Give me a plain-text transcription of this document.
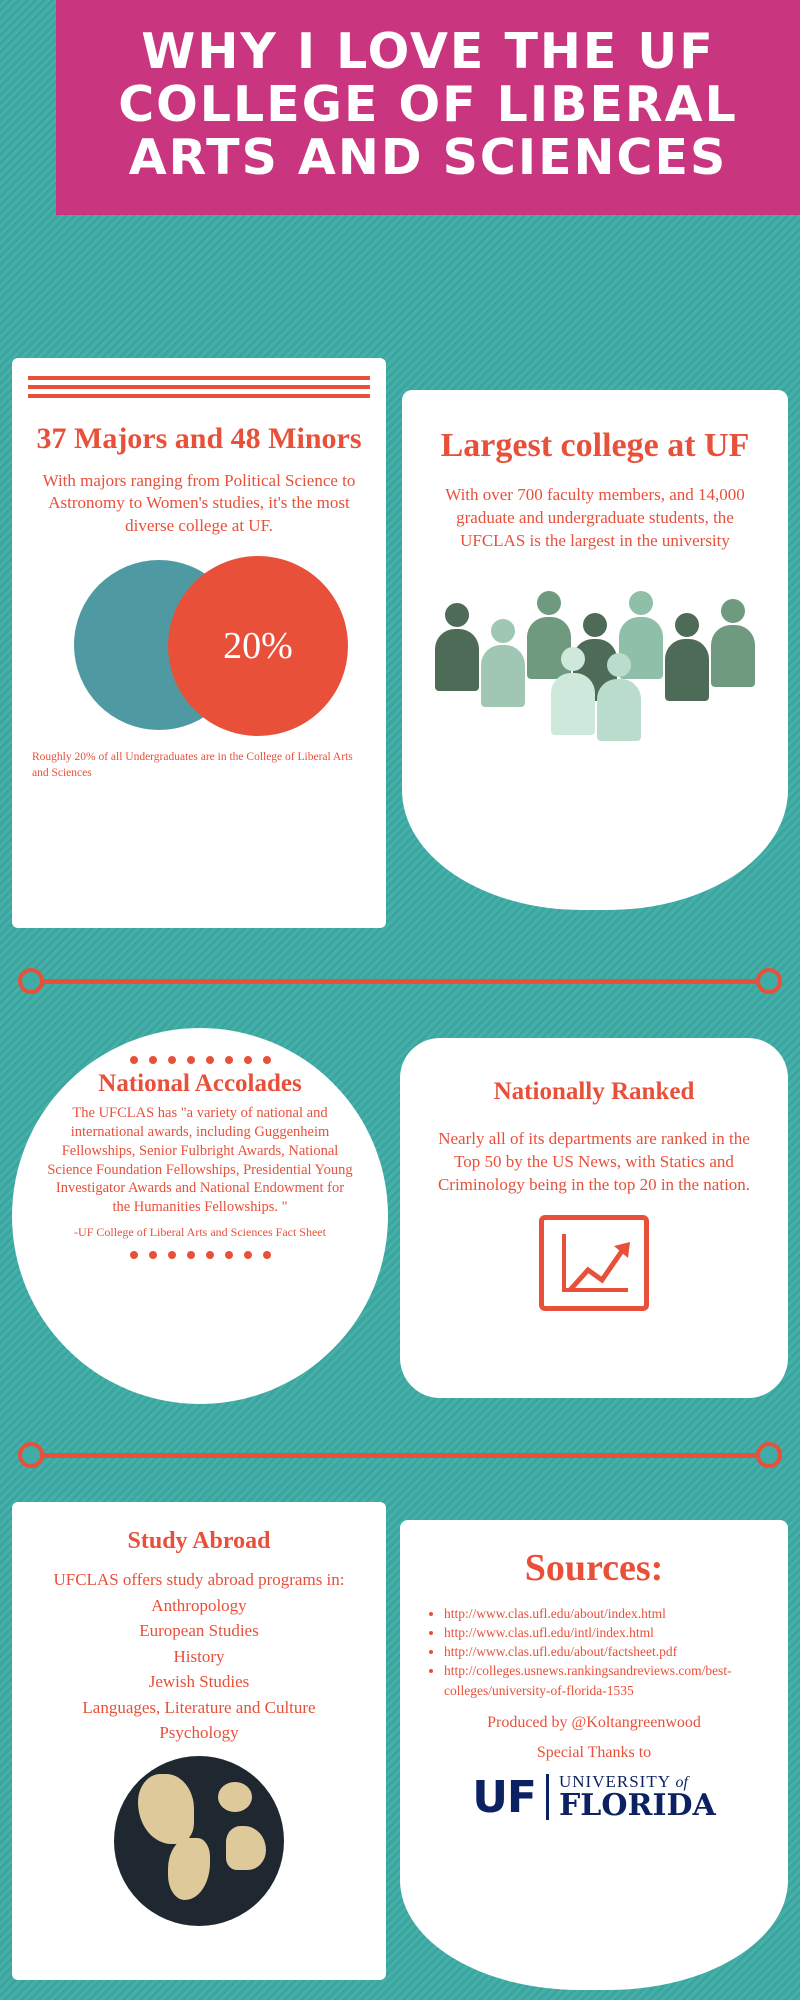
WHY I LOVE THE UF COLLEGE OF LIBERAL ARTS AND SCIENCES
37 Majors and 48 Minors
With majors ranging from Political Science to Astronomy to Women's studies, it's the most diverse college at UF.
20%
Roughly 20% of all Undergraduates are in the College of Liberal Arts and Sciences
Largest college at UF
With over 700 faculty members, and 14,000 graduate and undergraduate students, the UFCLAS is the largest in the university
National Accolades
The UFCLAS has "a variety of national and international awards, including Guggenheim Fellowships, Senior Fulbright Awards, National Science Foundation Fellowships, Presidential Young Investigator Awards and National Endowment for the Humanities Fellowships. "
-UF College of Liberal Arts and Sciences Fact Sheet
Nationally Ranked
Nearly all of its departments are ranked in the Top 50 by the US News, with Statics and Criminology being in the top 20 in the nation.
Study Abroad
UFCLAS offers study abroad programs in:
Anthropology
European Studies
History
Jewish Studies
Languages, Literature and Culture
Psychology
Sources:
• http://www.clas.ufl.edu/about/index.html
• http://www.clas.ufl.edu/intl/index.html
• http://www.clas.ufl.edu/about/factsheet.pdf
• http://colleges.usnews.rankingsandreviews.com/best-colleges/university-of-florida-1535
Produced by @Koltangreenwood
Special Thanks to
UF UNIVERSITY of
FLORIDA
